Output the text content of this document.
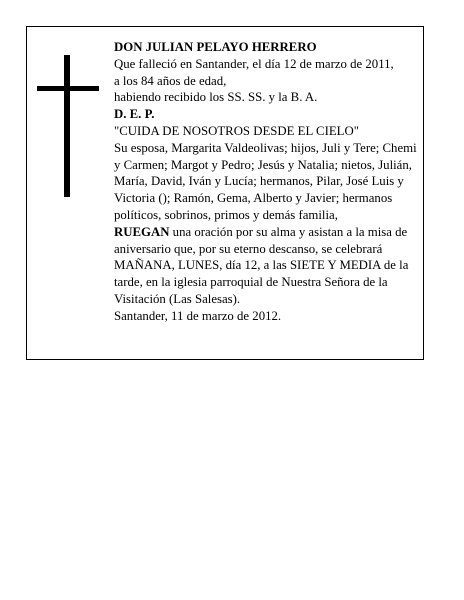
DON JULIAN PELAYO HERRERO

Que falleció en Santander, el día 12 de marzo de 2011,

a los 84 años de edad,

habiendo recibido los SS. SS. y la B. A.

D. E. P.

"CUIDA DE NOSOTROS DESDE EL CIELO"

Su esposa, Margarita Valdeolivas; hijos, Juli y Tere; Chemi y Carmen; Margot y Pedro; Jesús y Natalia; nietos, Julián, María, David, Iván y Lucía; hermanos, Pilar, José Luis y Victoria (); Ramón, Gema, Alberto y Javier; hermanos políticos, sobrinos, primos y demás familia,

RUEGAN una oración por su alma y asistan a la misa de aniversario que, por su eterno descanso, se celebrará MAÑANA, LUNES, día 12, a las SIETE Y MEDIA de la tarde, en la iglesia parroquial de Nuestra Señora de la Visitación (Las Salesas).

Santander, 11 de marzo de 2012.
